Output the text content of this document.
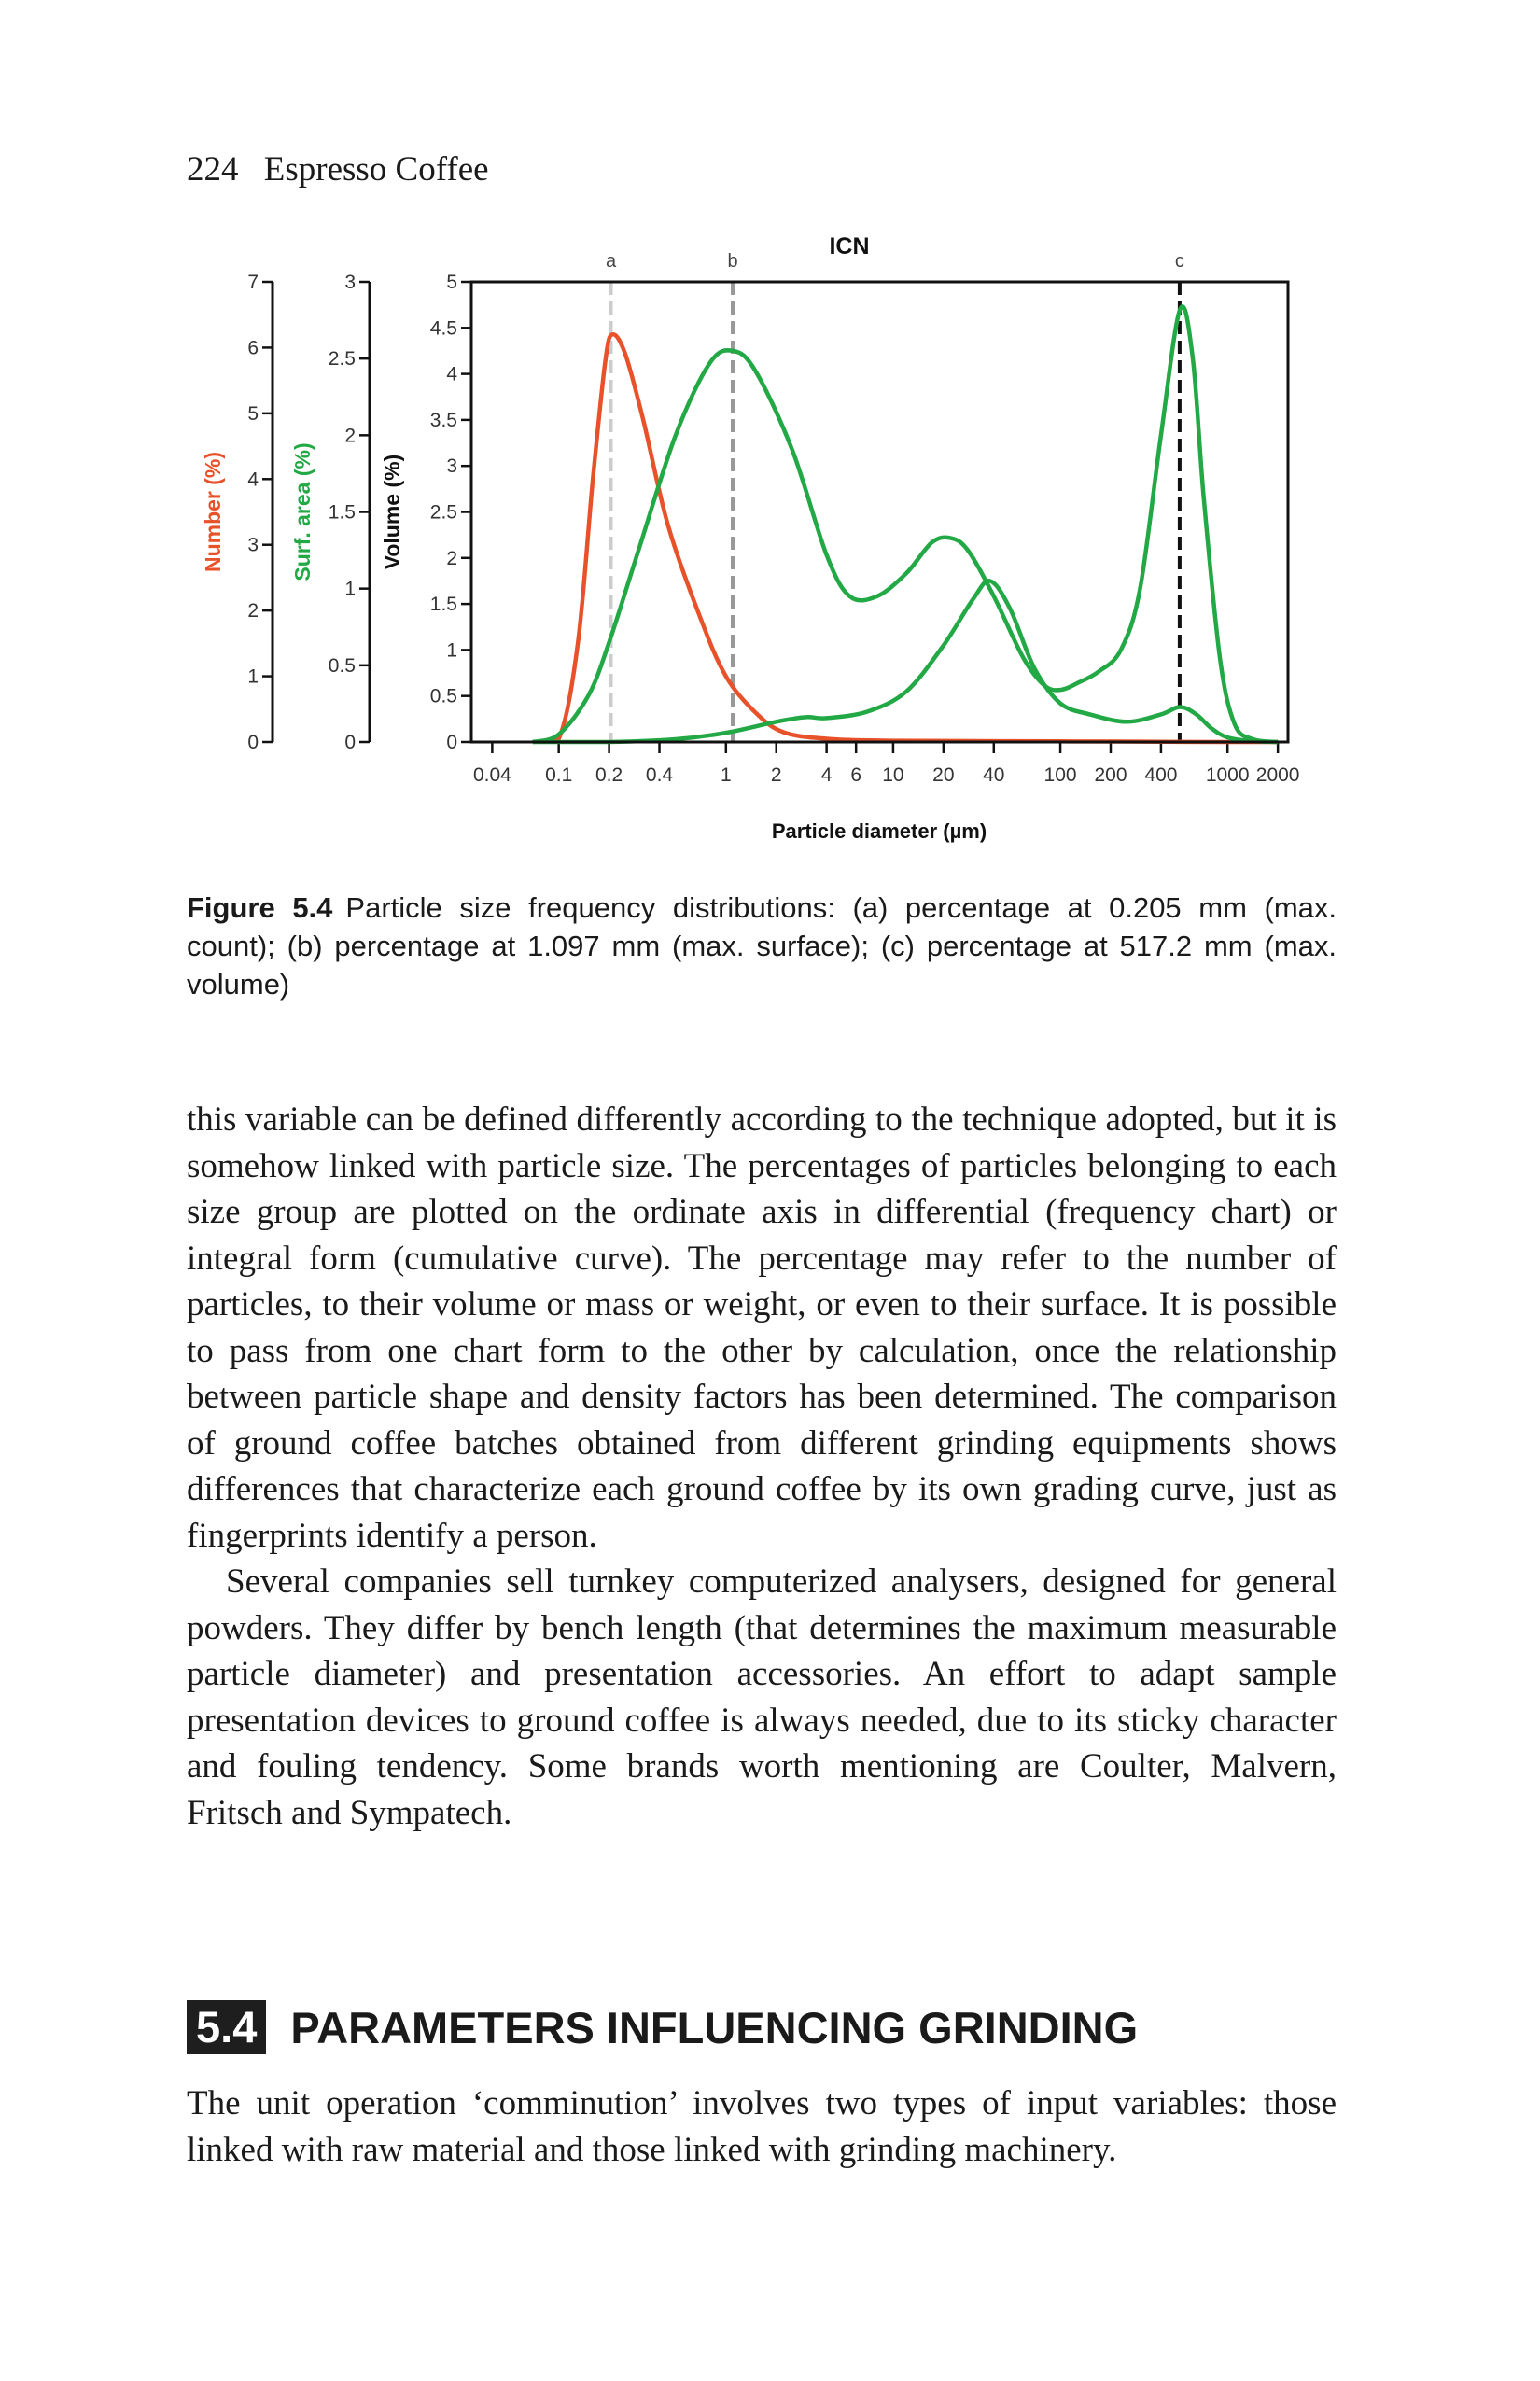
224 Espresso Coffee
0.04 0.1 0.2 0.4 1 2 4 6 10 20 40 100 200 400 1000 2000
0
1
2
3
4
5
6
7
Number (%)
0
0.5
1
1.5
2
2.5
3
Surf. area (%)
0
0.5
1
1.5
2
2.5
3
3.5
4
4.5
5
Volume (%)
a	b	c
ICN
Particle diameter (µm)
Figure 5.4 Particle size frequency distributions: (a) percentage at 0.205 mm (max. count); (b) percentage at 1.097 mm (max. surface); (c) percentage at 517.2 mm (max. volume)

this variable can be defined differently according to the technique adopted, but it is somehow linked with particle size. The percentages of particles belonging to each size group are plotted on the ordinate axis in differential (frequency chart) or integral form (cumulative curve). The percentage may refer to the number of particles, to their volume or mass or weight, or even to their surface. It is possible to pass from one chart form to the other by calculation, once the relationship between particle shape and density factors has been determined. The comparison of ground coffee batches obtained from different grinding equipments shows differences that characterize each ground coffee by its own grading curve, just as fingerprints identify a person.

Several companies sell turnkey computerized analysers, designed for general powders. They differ by bench length (that determines the maximum measurable particle diameter) and presentation accessories. An effort to adapt sample presentation devices to ground coffee is always needed, due to its sticky character and fouling tendency. Some brands worth mentioning are Coulter, Malvern, Fritsch and Sympatech.

5.4 PARAMETERS INFLUENCING GRINDING

The unit operation ‘comminution’ involves two types of input variables: those linked with raw material and those linked with grinding machinery.
